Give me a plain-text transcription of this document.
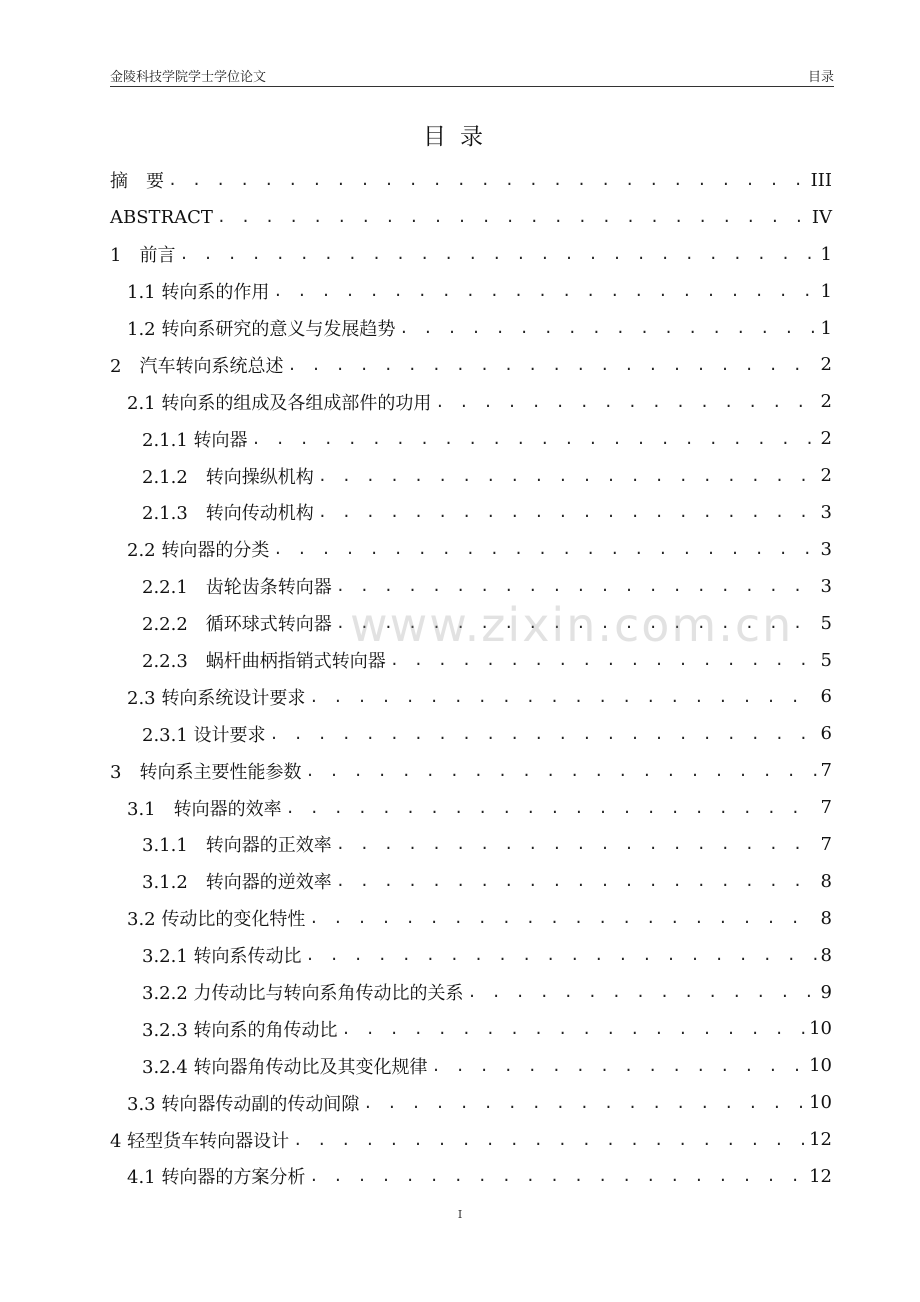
金陵科技学院学士学位论文	目录
目录
摘　要 . . .	III
ABSTRACT . . .	IV
1　前言 . . .	1
1.1 转向系的作用 . . .	1
1.2 转向系研究的意义与发展趋势 . . .	1
2　汽车转向系统总述 . . .	2
2.1 转向系的组成及各组成部件的功用 . . .	2
2.1.1 转向器 . . .	2
2.1.2　转向操纵机构 . . .	2
2.1.3　转向传动机构 . . .	3
2.2 转向器的分类 . . .	3
2.2.1　齿轮齿条转向器 . . .	3
2.2.2　循环球式转向器 . . .	5
2.2.3　蜗杆曲柄指销式转向器 . . .	5
2.3 转向系统设计要求 . . .	6
2.3.1 设计要求 . . .	6
3　转向系主要性能参数 . . .	7
3.1　转向器的效率 . . .	7
3.1.1　转向器的正效率 . . .	7
3.1.2　转向器的逆效率 . . .	8
3.2 传动比的变化特性 . . .	8
3.2.1 转向系传动比 . . .	8
3.2.2 力传动比与转向系角传动比的关系 . . .	9
3.2.3 转向系的角传动比 . . .	10
3.2.4 转向器角传动比及其变化规律 . . .	10
3.3 转向器传动副的传动间隙 . . .	10
4 轻型货车转向器设计 . . .	12
4.1 转向器的方案分析 . . .	12
www.zixin.com.cn
I
